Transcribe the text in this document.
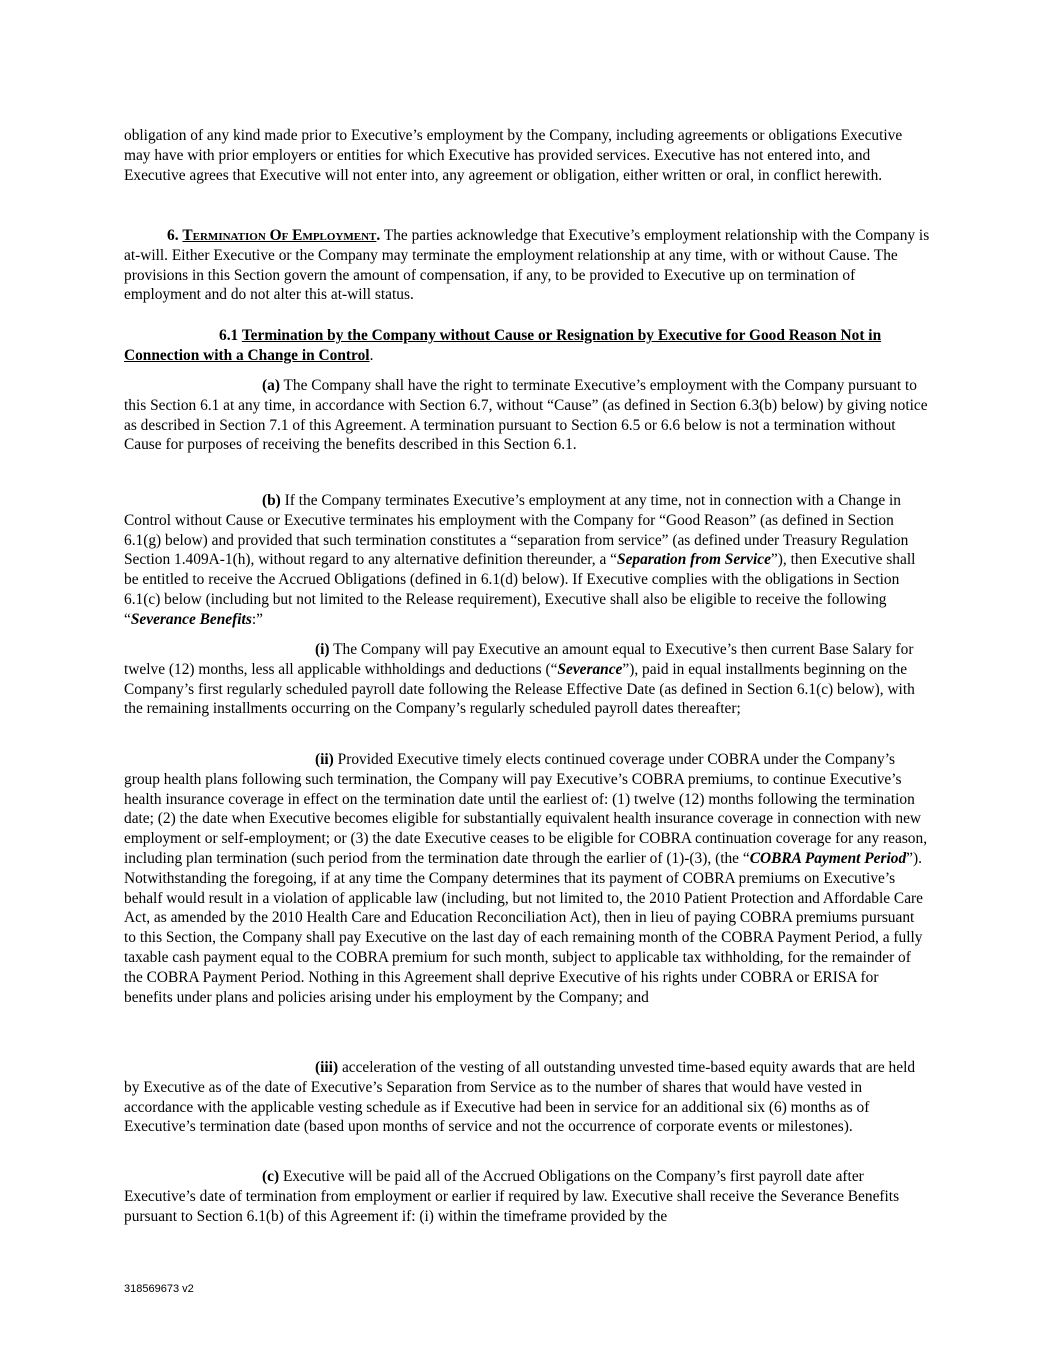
obligation of any kind made prior to Executive’s employment by the Company, including agreements or obligations Executive may have with prior employers or entities for which Executive has provided services. Executive has not entered into, and Executive agrees that Executive will not enter into, any agreement or obligation, either written or oral, in conflict herewith.

6. Termination Of Employment. The parties acknowledge that Executive’s employment relationship with the Company is at-will. Either Executive or the Company may terminate the employment relationship at any time, with or without Cause. The provisions in this Section govern the amount of compensation, if any, to be provided to Executive up on termination of employment and do not alter this at-will status.

6.1 Termination by the Company without Cause or Resignation by Executive for Good Reason Not in Connection with a Change in Control.

(a) The Company shall have the right to terminate Executive’s employment with the Company pursuant to this Section 6.1 at any time, in accordance with Section 6.7, without “Cause” (as defined in Section 6.3(b) below) by giving notice as described in Section 7.1 of this Agreement. A termination pursuant to Section 6.5 or 6.6 below is not a termination without Cause for purposes of receiving the benefits described in this Section 6.1.

(b) If the Company terminates Executive’s employment at any time, not in connection with a Change in Control without Cause or Executive terminates his employment with the Company for “Good Reason” (as defined in Section 6.1(g) below) and provided that such termination constitutes a “separation from service” (as defined under Treasury Regulation Section 1.409A-1(h), without regard to any alternative definition thereunder, a “Separation from Service”), then Executive shall be entitled to receive the Accrued Obligations (defined in 6.1(d) below). If Executive complies with the obligations in Section 6.1(c) below (including but not limited to the Release requirement), Executive shall also be eligible to receive the following “Severance Benefits:”

(i) The Company will pay Executive an amount equal to Executive’s then current Base Salary for twelve (12) months, less all applicable withholdings and deductions (“Severance”), paid in equal installments beginning on the Company’s first regularly scheduled payroll date following the Release Effective Date (as defined in Section 6.1(c) below), with the remaining installments occurring on the Company’s regularly scheduled payroll dates thereafter;

(ii) Provided Executive timely elects continued coverage under COBRA under the Company’s group health plans following such termination, the Company will pay Executive’s COBRA premiums, to continue Executive’s health insurance coverage in effect on the termination date until the earliest of: (1) twelve (12) months following the termination date; (2) the date when Executive becomes eligible for substantially equivalent health insurance coverage in connection with new employment or self-employment; or (3) the date Executive ceases to be eligible for COBRA continuation coverage for any reason, including plan termination (such period from the termination date through the earlier of (1)-(3), (the “COBRA Payment Period”). Notwithstanding the foregoing, if at any time the Company determines that its payment of COBRA premiums on Executive’s behalf would result in a violation of applicable law (including, but not limited to, the 2010 Patient Protection and Affordable Care Act, as amended by the 2010 Health Care and Education Reconciliation Act), then in lieu of paying COBRA premiums pursuant to this Section, the Company shall pay Executive on the last day of each remaining month of the COBRA Payment Period, a fully taxable cash payment equal to the COBRA premium for such month, subject to applicable tax withholding, for the remainder of the COBRA Payment Period. Nothing in this Agreement shall deprive Executive of his rights under COBRA or ERISA for benefits under plans and policies arising under his employment by the Company; and

(iii) acceleration of the vesting of all outstanding unvested time-based equity awards that are held by Executive as of the date of Executive’s Separation from Service as to the number of shares that would have vested in accordance with the applicable vesting schedule as if Executive had been in service for an additional six (6) months as of Executive’s termination date (based upon months of service and not the occurrence of corporate events or milestones).

(c) Executive will be paid all of the Accrued Obligations on the Company’s first payroll date after Executive’s date of termination from employment or earlier if required by law. Executive shall receive the Severance Benefits pursuant to Section 6.1(b) of this Agreement if: (i) within the timeframe provided by the

318569673 v2
